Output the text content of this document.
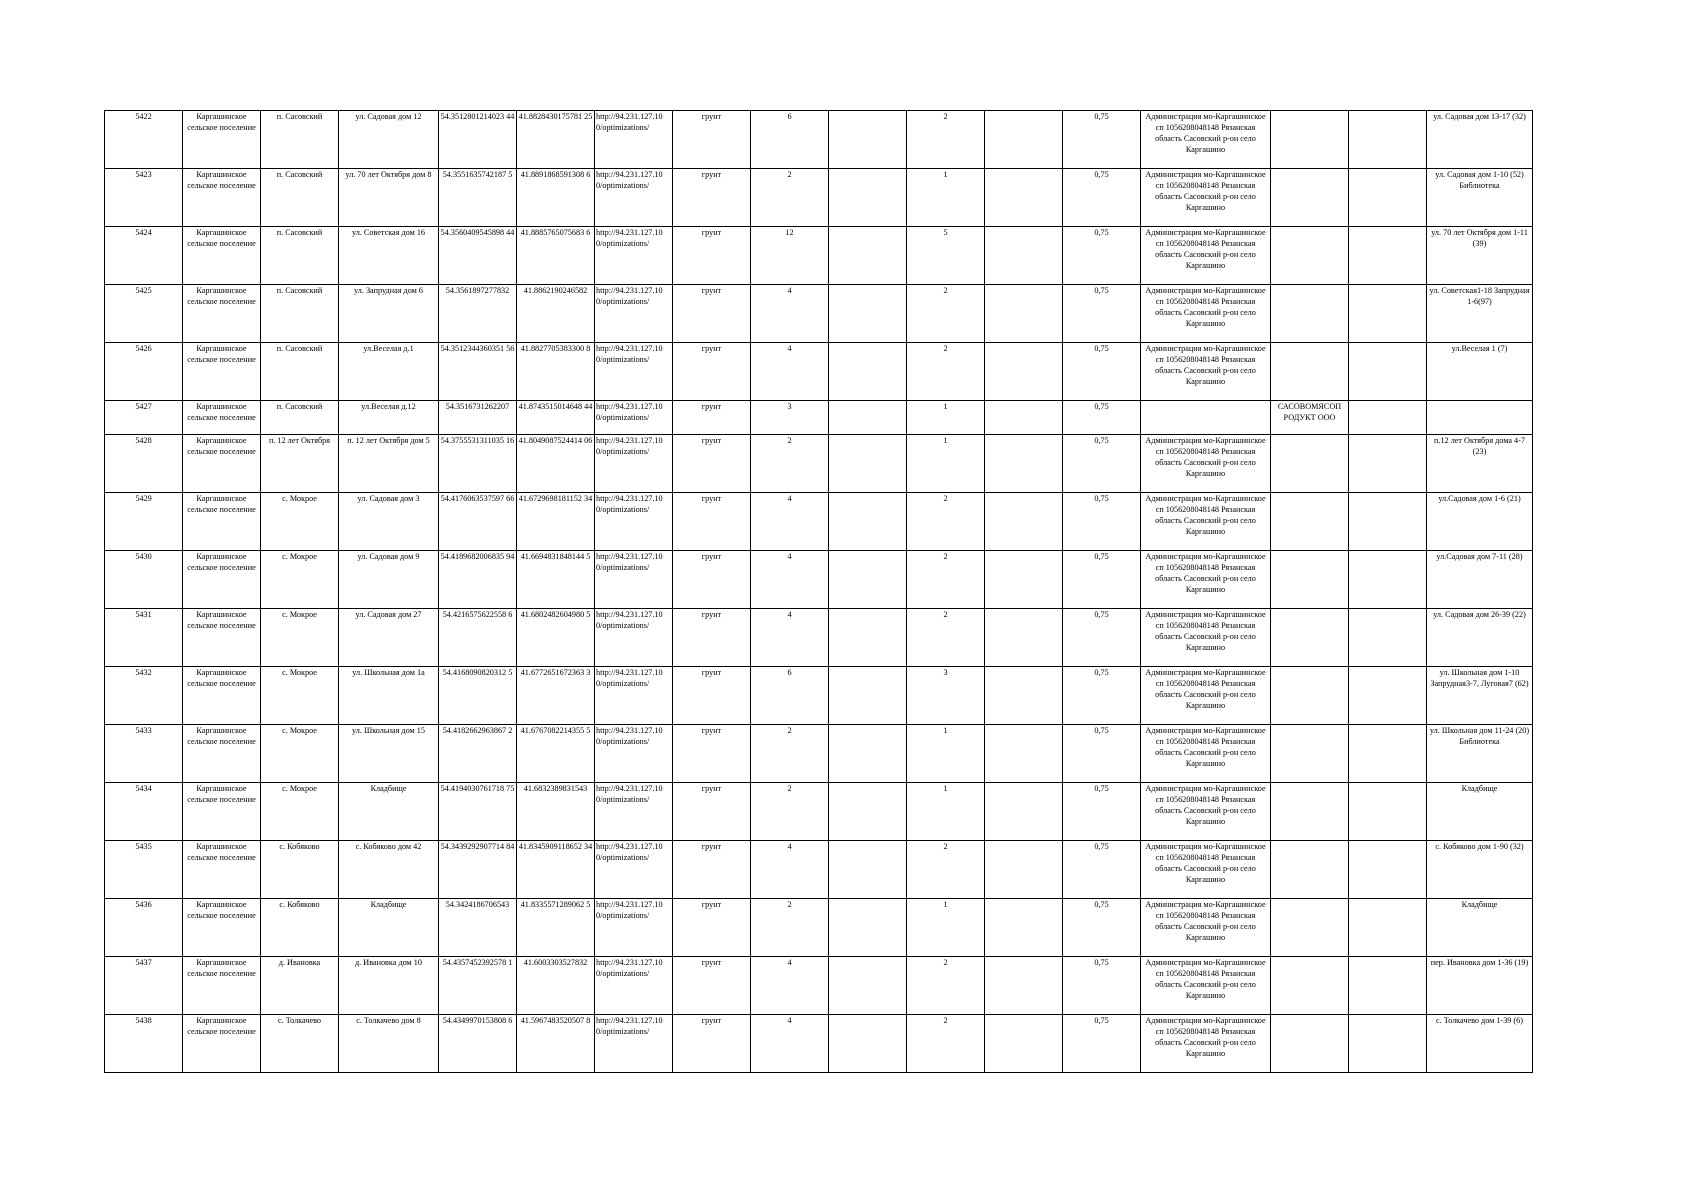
5422	Каргашинское сельское поселение	п. Сасовский	ул. Садовая дом 12	54.3512801214023 44	41.8828430175781 25	http://94.231.127.10 0/optimizations/	грунт	6		2		0,75	Администрация мо-Каргашинское сп 1056208048148 Рязанская область Сасовский р-он село Каргашино			ул. Садовая дом 13-17 (32)
5423	Каргашинское сельское поселение	п. Сасовский	ул. 70 лет Октября дом 8	54.3551635742187 5	41.8891868591308 6	http://94.231.127.10 0/optimizations/	грунт	2		1		0,75	Администрация мо-Каргашинское сп 1056208048148 Рязанская область Сасовский р-он село Каргашино			ул. Садовая дом 1-10 (52) Библиотека
5424	Каргашинское сельское поселение	п. Сасовский	ул. Советская дом 16	54.3560409545898 44	41.8885765075683 6	http://94.231.127.10 0/optimizations/	грунт	12		5		0,75	Администрация мо-Каргашинское сп 1056208048148 Рязанская область Сасовский р-он село Каргашино			ул. 70 лет Октября дом 1-11 (39)
5425	Каргашинское сельское поселение	п. Сасовский	ул. Запрудная дом 6	54.3561897277832	41.8862190246582	http://94.231.127.10 0/optimizations/	грунт	4		2		0,75	Администрация мо-Каргашинское сп 1056208048148 Рязанская область Сасовский р-он село Каргашино			ул. Советская1-18 Запрудная 1-6(97)
5426	Каргашинское сельское поселение	п. Сасовский	ул.Веселая д.1	54.3512344360351 56	41.8827705383300 8	http://94.231.127.10 0/optimizations/	грунт	4		2		0,75	Администрация мо-Каргашинское сп 1056208048148 Рязанская область Сасовский р-он село Каргашино			ул.Веселая 1 (7)
5427	Каргашинское сельское поселение	п. Сасовский	ул.Веселая д.12	54.3516731262207	41.8743515014648 44	http://94.231.127.10 0/optimizations/	грунт	3		1		0,75		САСОВОМЯСОП РОДУКТ ООО		
5428	Каргашинское сельское поселение	п. 12 лет Октября	п. 12 лет Октября дом 5	54.3755531311035 16	41.8049087524414 06	http://94.231.127.10 0/optimizations/	грунт	2		1		0,75	Администрация мо-Каргашинское сп 1056208048148 Рязанская область Сасовский р-он село Каргашино			п.12 лет Октября дома 4-7 (23)
5429	Каргашинское сельское поселение	с. Мокрое	ул. Садовая дом 3	54.4176063537597 66	41.6729698181152 34	http://94.231.127.10 0/optimizations/	грунт	4		2		0,75	Администрация мо-Каргашинское сп 1056208048148 Рязанская область Сасовский р-он село Каргашино			ул.Садовая дом 1-6 (21)
5430	Каргашинское сельское поселение	с. Мокрое	ул. Садовая дом 9	54.4189682006835 94	41.6694831848144 5	http://94.231.127.10 0/optimizations/	грунт	4		2		0,75	Администрация мо-Каргашинское сп 1056208048148 Рязанская область Сасовский р-он село Каргашино			ул.Садовая дом 7-11 (28)
5431	Каргашинское сельское поселение	с. Мокрое	ул. Садовая дом 27	54.4216575622558 6	41.6802482604980 5	http://94.231.127.10 0/optimizations/	грунт	4		2		0,75	Администрация мо-Каргашинское сп 1056208048148 Рязанская область Сасовский р-он село Каргашино			ул. Садовая дом 26-39 (22)
5432	Каргашинское сельское поселение	с. Мокрое	ул. Школьная дом 1а	54.4168090820312 5	41.6772651672363 3	http://94.231.127.10 0/optimizations/	грунт	6		3		0,75	Администрация мо-Каргашинское сп 1056208048148 Рязанская область Сасовский р-он село Каргашино			ул. Школьная дом 1-10 Запрудная3-7, Луговая7 (62)
5433	Каргашинское сельское поселение	с. Мокрое	ул. Школьная дом 15	54.4182662963867 2	41.6767082214355 5	http://94.231.127.10 0/optimizations/	грунт	2		1		0,75	Администрация мо-Каргашинское сп 1056208048148 Рязанская область Сасовский р-он село Каргашино			ул. Школьная дом 11-24 (20) Библиотека
5434	Каргашинское сельское поселение	с. Мокрое	Кладбище	54.4194030761718 75	41.6832389831543	http://94.231.127.10 0/optimizations/	грунт	2		1		0,75	Администрация мо-Каргашинское сп 1056208048148 Рязанская область Сасовский р-он село Каргашино			Кладбище
5435	Каргашинское сельское поселение	с. Кобяково	с. Кобяково дом 42	54.3439292907714 84	41.8345909118652 34	http://94.231.127.10 0/optimizations/	грунт	4		2		0,75	Администрация мо-Каргашинское сп 1056208048148 Рязанская область Сасовский р-он село Каргашино			с. Кобяково дом 1-90 (32)
5436	Каргашинское сельское поселение	с. Кобяково	Кладбище	54.3424186706543	41.8335571289062 5	http://94.231.127.10 0/optimizations/	грунт	2		1		0,75	Администрация мо-Каргашинское сп 1056208048148 Рязанская область Сасовский р-он село Каргашино			Кладбище
5437	Каргашинское сельское поселение	д. Ивановка	д. Ивановка дом 10	54.4357452392578 1	41.6003303527832	http://94.231.127.10 0/optimizations/	грунт	4		2		0,75	Администрация мо-Каргашинское сп 1056208048148 Рязанская область Сасовский р-он село Каргашино			пер. Ивановка дом 1-36 (19)
5438	Каргашинское сельское поселение	с. Толкачево	с. Толкачево дом 8	54.4349970153808 6	41.5967483520507 8	http://94.231.127.10 0/optimizations/	грунт	4		2		0,75	Администрация мо-Каргашинское сп 1056208048148 Рязанская область Сасовский р-он село Каргашино			с. Толкачево дом 1-39 (6)
